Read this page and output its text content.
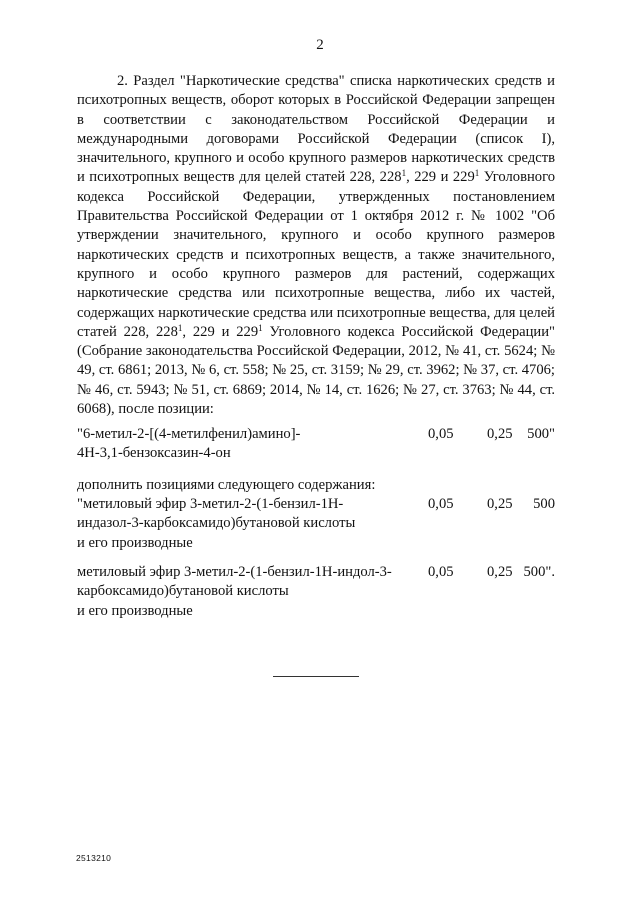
2

2. Раздел "Наркотические средства" списка наркотических средств и психотропных веществ, оборот которых в Российской Федерации запрещен в соответствии с законодательством Российской Федерации и международными договорами Российской Федерации (список I), значительного, крупного и особо крупного размеров наркотических средств и психотропных веществ для целей статей 228, $228^1$, 229 и $229^1$ Уголовного кодекса Российской Федерации, утвержденных постановлением Правительства Российской Федерации от 1 октября 2012 г. № 1002 "Об утверждении значительного, крупного и особо крупного размеров наркотических средств и психотропных веществ, а также значительного, крупного и особо крупного размеров для растений, содержащих наркотические средства или психотропные вещества, либо их частей, содержащих наркотические средства или психотропные вещества, для целей статей 228, $228^1$, 229 и $229^1$ Уголовного кодекса Российской Федерации" (Собрание законодательства Российской Федерации, 2012, № 41, ст. 5624; № 49, ст. 6861; 2013, № 6, ст. 558; № 25, ст. 3159; № 29, ст. 3962; № 37, ст. 4706; № 46, ст. 5943; № 51, ст. 6869; 2014, № 14, ст. 1626; № 27, ст. 3763; № 44, ст. 6068), после позиции:

"6-метил-2-[(4-метилфенил)амино]-
4Н-3,1-бензоксазин-4-он
0,05 0,25 500"
дополнить позициями следующего содержания:
"метиловый эфир 3-метил-2-(1-бензил-1Н-
индазол-3-карбоксамидо)бутановой кислоты
и его производные
0,05 0,25 500
метиловый эфир 3-метил-2-(1-бензил-1Н-индол-3-
карбоксамидо)бутановой кислоты
и его производные
0,05 0,25 500".
2513210
